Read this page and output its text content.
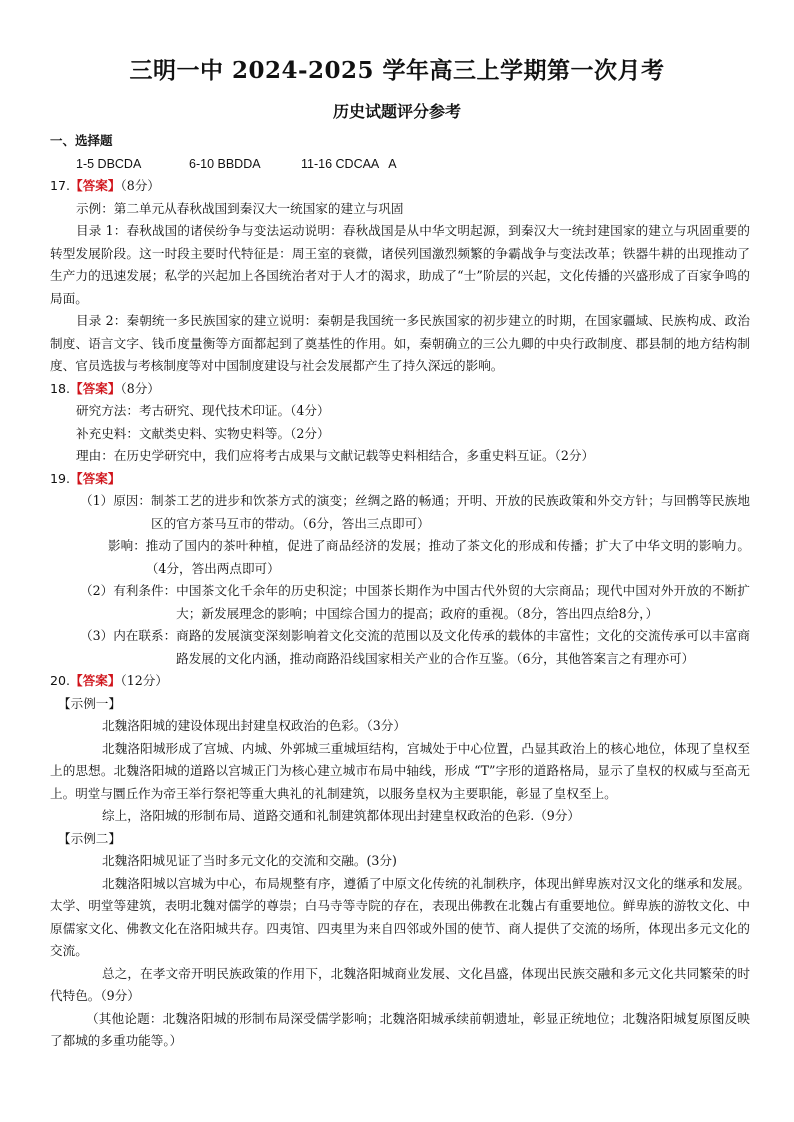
三明一中 2024-2025 学年高三上学期第一次月考
历史试题评分参考
一、选择题
1-5 DBCDA	6-10 BBDDA	11-16 CDCAA   A
17.【答案】（8分）
示例：第二单元从春秋战国到秦汉大一统国家的建立与巩固
目录 1：春秋战国的诸侯纷争与变法运动说明：春秋战国是从中华文明起源，到秦汉大一统封建国家的建立与巩固重要的转型发展阶段。这一时段主要时代特征是：周王室的衰微，诸侯列国激烈频繁的争霸战争与变法改革；铁器牛耕的出现推动了生产力的迅速发展；私学的兴起加上各国统治者对于人才的渴求，助成了“士”阶层的兴起，文化传播的兴盛形成了百家争鸣的局面。
目录 2：秦朝统一多民族国家的建立说明：秦朝是我国统一多民族国家的初步建立的时期，在国家疆域、民族构成、政治制度、语言文字、钱币度量衡等方面都起到了奠基性的作用。如，秦朝确立的三公九卿的中央行政制度、郡县制的地方结构制度、官员选拔与考核制度等对中国制度建设与社会发展都产生了持久深远的影响。
18.【答案】（8分）
研究方法：考古研究、现代技术印证。（4分）
补充史料：文献类史料、实物史料等。（2分）
理由：在历史学研究中，我们应将考古成果与文献记载等史料相结合，多重史料互证。（2分）
19.【答案】
（1）原因： 制茶工艺的进步和饮茶方式的演变；丝绸之路的畅通；开明、开放的民族政策和外交方针；与回鹘等民族地区的官方茶马互市的带动。（6分，答出三点即可）
影响： 推动了国内的茶叶种植，促进了商品经济的发展；推动了茶文化的形成和传播；扩大了中华文明的影响力。（4分，答出两点即可）
（2）有利条件： 中国茶文化千余年的历史积淀；中国茶长期作为中国古代外贸的大宗商品；现代中国对外开放的不断扩大；新发展理念的影响；中国综合国力的提高；政府的重视。（8分，答出四点给8分，）
（3）内在联系： 商路的发展演变深刻影响着文化交流的范围以及文化传承的载体的丰富性；文化的交流传承可以丰富商路发展的文化内涵，推动商路沿线国家相关产业的合作互鉴。（6分，其他答案言之有理亦可）
20.【答案】（12分）
【示例一】
北魏洛阳城的建设体现出封建皇权政治的色彩。（3分）
北魏洛阳城形成了宫城、内城、外郭城三重城垣结构，宫城处于中心位置，凸显其政治上的核心地位，体现了皇权至上的思想。北魏洛阳城的道路以宫城正门为核心建立城市布局中轴线，形成 “T”字形的道路格局，显示了皇权的权威与至高无上。明堂与圜丘作为帝王举行祭祀等重大典礼的礼制建筑，以服务皇权为主要职能，彰显了皇权至上。
综上，洛阳城的形制布局、道路交通和礼制建筑都体现出封建皇权政治的色彩.（9分）
【示例二】
北魏洛阳城见证了当时多元文化的交流和交融。(3分)
北魏洛阳城以宫城为中心，布局规整有序，遵循了中原文化传统的礼制秩序，体现出鲜卑族对汉文化的继承和发展。太学、明堂等建筑，表明北魏对儒学的尊崇；白马寺等寺院的存在，表现出佛教在北魏占有重要地位。鲜卑族的游牧文化、中原儒家文化、佛教文化在洛阳城共存。四夷馆、四夷里为来自四邻或外国的使节、商人提供了交流的场所，体现出多元文化的交流。
总之，在孝文帝开明民族政策的作用下，北魏洛阳城商业发展、文化昌盛，体现出民族交融和多元文化共同繁荣的时代特色。（9分）
（其他论题：北魏洛阳城的形制布局深受儒学影响；北魏洛阳城承续前朝遗址，彰显正统地位；北魏洛阳城复原图反映了都城的多重功能等。）
